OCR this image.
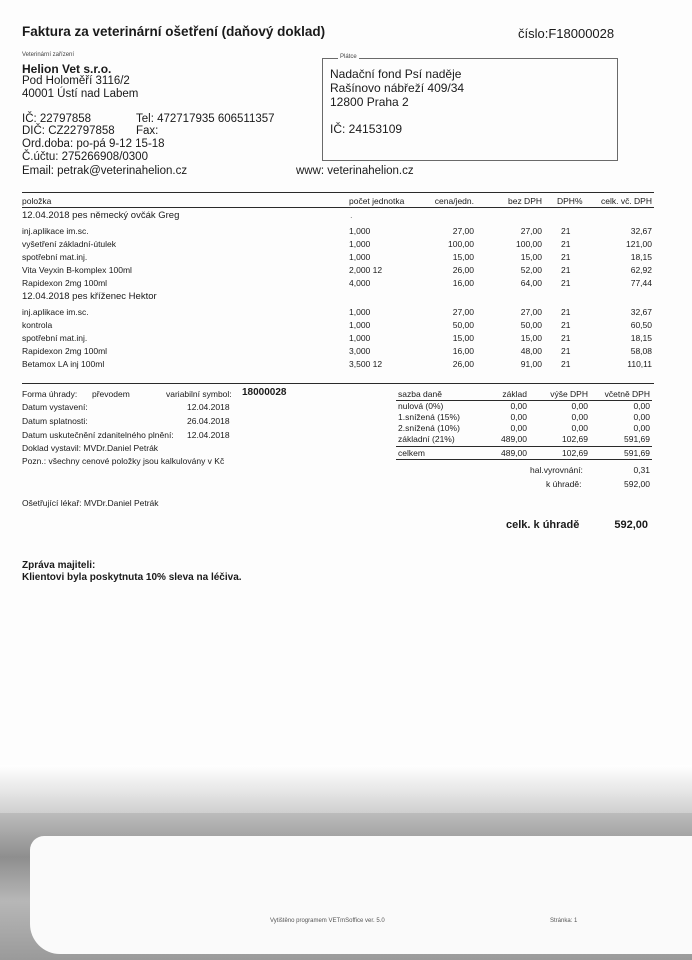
Faktura za veterinární ošetření (daňový doklad)	číslo:F18000028
Veterinární zařízení
Helion Vet s.r.o.
Pod Holoměří 3116/2
40001 Ústí nad Labem
IČ: 22797858
DIČ: CZ22797858
Ord.doba: po-pá 9-12 15-18
Č.účtu: 275266908/0300
Email: petrak@veterinahelion.cz
Tel: 472717935 606511357
Fax:
www: veterinahelion.cz
Plátce
Nadační fond Psí naděje
Rašínovo nábřeží 409/34
12800 Praha 2
IČ: 24153109
položka	počet jednotka	cena/jedn.	bez DPH DPH%	celk. vč. DPH
12.04.2018 pes německý ovčák Greg	.
inj.aplikace im.sc.	1,000	27,00	27,00 21	32,67
vyšetření základní-útulek	1,000	100,00	100,00 21	121,00
spotřební mat.inj.	1,000	15,00	15,00 21	18,15
Vita Veyxin B-komplex 100ml	2,000 12	26,00	52,00 21	62,92
Rapidexon 2mg 100ml	4,000	16,00	64,00 21	77,44
12.04.2018 pes kříženec Hektor
inj.aplikace im.sc.	1,000	27,00	27,00 21	32,67
kontrola	1,000	50,00	50,00 21	60,50
spotřební mat.inj.	1,000	15,00	15,00 21	18,15
Rapidexon 2mg 100ml	3,000	16,00	48,00 21	58,08
Betamox LA inj 100ml	3,500 12	26,00	91,00 21	110,11
Forma úhrady: převodem	variabilní symbol: 18000028
Datum vystavení:	12.04.2018
Datum splatnosti:	26.04.2018
Datum uskutečnění zdanitelného plnění: 12.04.2018
Doklad vystavil: MVDr.Daniel Petrák
Pozn.: všechny cenové položky jsou kalkulovány v Kč
sazba daně	základ	výše DPH	včetně DPH
nulová (0%)	0,00	0,00	0,00
1.snížená (15%)	0,00	0,00	0,00
2.snížená (10%)	0,00	0,00	0,00
základní (21%)	489,00	102,69	591,69
celkem	489,00	102,69	591,69
hal.vyrovnání:	0,31
k úhradě:	592,00
Ošetřující lékař: MVDr.Daniel Petrák
celk. k úhradě	592,00
Zpráva majiteli:
Klientovi byla poskytnuta 10% sleva na léčiva.
Vytištěno programem VETmSoffice ver. 5.0	Stránka: 1
